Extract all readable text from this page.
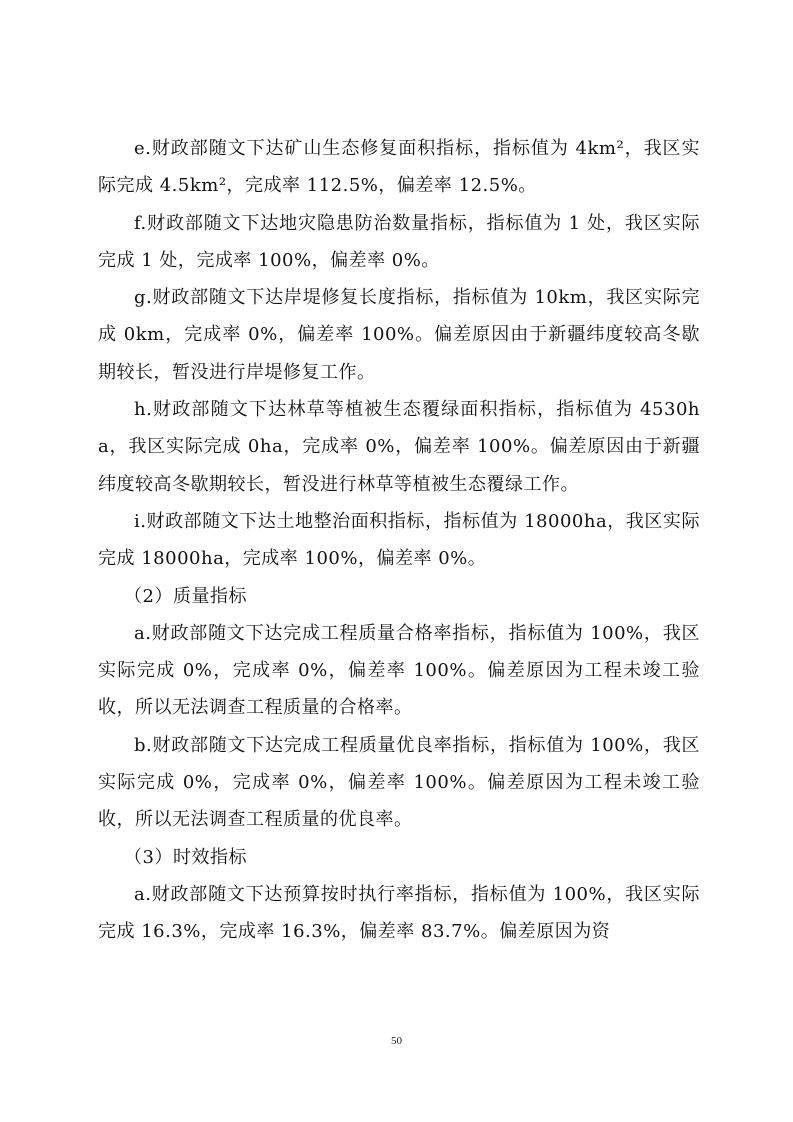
e.财政部随文下达矿山生态修复面积指标，指标值为 4km²，我区实际完成 4.5km²，完成率 112.5%，偏差率 12.5%。

f.财政部随文下达地灾隐患防治数量指标，指标值为 1 处，我区实际完成 1 处，完成率 100%，偏差率 0%。

g.财政部随文下达岸堤修复长度指标，指标值为 10km，我区实际完成 0km，完成率 0%，偏差率 100%。偏差原因由于新疆纬度较高冬歇期较长，暂没进行岸堤修复工作。

h.财政部随文下达林草等植被生态覆绿面积指标，指标值为 4530ha，我区实际完成 0ha，完成率 0%，偏差率 100%。偏差原因由于新疆纬度较高冬歇期较长，暂没进行林草等植被生态覆绿工作。

i.财政部随文下达土地整治面积指标，指标值为 18000ha，我区实际完成 18000ha，完成率 100%，偏差率 0%。

（2）质量指标

a.财政部随文下达完成工程质量合格率指标，指标值为 100%，我区实际完成 0%，完成率 0%，偏差率 100%。偏差原因为工程未竣工验收，所以无法调查工程质量的合格率。

b.财政部随文下达完成工程质量优良率指标，指标值为 100%，我区实际完成 0%，完成率 0%，偏差率 100%。偏差原因为工程未竣工验收，所以无法调查工程质量的优良率。

（3）时效指标

a.财政部随文下达预算按时执行率指标，指标值为 100%，我区实际完成 16.3%，完成率 16.3%，偏差率 83.7%。偏差原因为资

50
